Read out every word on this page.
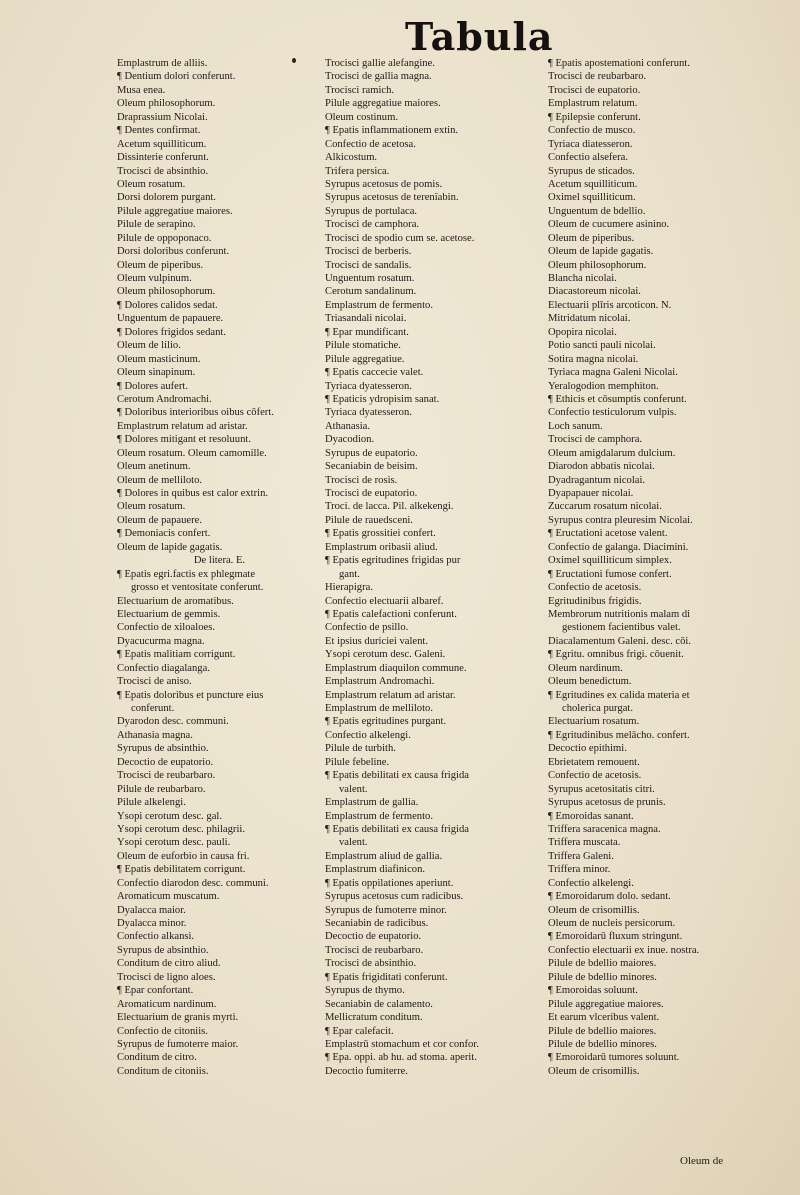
Tabula
Emplastrum de alliis.
¶ Dentium dolori conferunt.
Musa enea.
Oleum philosophorum.
Draprassium Nicolai.
¶ Dentes confirmat.
Acetum squilliticum.
Dissinterie conferunt.
Trocisci de absinthio.
Oleum rosatum.
Dorsi dolorem purgant.
Pilule aggregatiue maiores.
Pilule de serapino.
Pilule de oppoponaco.
Dorsi doloribus conferunt.
Oleum de piperibus.
Oleum vulpinum.
Oleum philosophorum.
¶ Dolores calidos sedat.
Unguentum de papauere.
¶ Dolores frigidos sedant.
Oleum de lilio.
Oleum masticinum.
Oleum sinapinum.
¶ Dolores aufert.
Cerotum Andromachi.
¶ Doloribus interioribus oibus cōfert.
Emplastrum relatum ad aristar.
¶ Dolores mitigant et resoluunt.
Oleum rosatum. Oleum camomille.
Oleum anetinum.
Oleum de melliloto.
¶ Dolores in quibus est calor extrin.
Oleum rosatum.
Oleum de papauere.
¶ Demoniacis confert.
Oleum de lapide gagatis.
De litera. E.
¶ Epatis egri.factis ex phlegmate
grosso et ventositate conferunt.
Electuarium de aromatibus.
Electuarium de gemmis.
Confectio de xiloaloes.
Dyacucurma magna.
¶ Epatis malitiam corrigunt.
Confectio diagalanga.
Trocisci de aniso.
¶ Epatis doloribus et puncture eius
conferunt.
Dyarodon desc. communi.
Athanasia magna.
Syrupus de absinthio.
Decoctio de eupatorio.
Trocisci de reubarbaro.
Pilule de reubarbaro.
Pilule alkelengi.
Ysopi cerotum desc. gal.
Ysopi cerotum desc. philagrii.
Ysopi cerotum desc. pauli.
Oleum de euforbio in causa fri.
¶ Epatis debilitatem corrigunt.
Confectio diarodon desc. communi.
Aromaticum muscatum.
Dyalacca maior.
Dyalacca minor.
Confectio alkansi.
Syrupus de absinthio.
Conditum de citro aliud.
Trocisci de ligno aloes.
¶ Epar confortant.
Aromaticum nardinum.
Electuarium de granis myrti.
Confectio de citoniis.
Syrupus de fumoterre maior.
Conditum de citro.
Conditum de citoniis.
Trocisci gallie alefangine.
Trocisci de gallia magna.
Trocisci ramich.
Pilule aggregatiue maiores.
Oleum costinum.
¶ Epatis inflammationem extin.
Confectio de acetosa.
Alkicostum.
Trifera persica.
Syrupus acetosus de pomis.
Syrupus acetosus de terenïabin.
Syrupus de portulaca.
Trocisci de camphora.
Trocisci de spodio cum se. acetose.
Trocisci de berberis.
Trocisci de sandalis.
Unguentum rosatum.
Cerotum sandalinum.
Emplastrum de fermento.
Triasandali nicolai.
¶ Epar mundificant.
Pilule stomatiche.
Pilule aggregatiue.
¶ Epatis caccecie valet.
Tyriaca dyatesseron.
¶ Epaticis ydropisim sanat.
Tyriaca dyatesseron.
Athanasia.
Dyacodion.
Syrupus de eupatorio.
Secaniabin de beisim.
Trocisci de rosis.
Trocisci de eupatorio.
Troci. de lacca. Pil. alkekengi.
Pilule de rauedsceni.
¶ Epatis grossitiei confert.
Emplastrum oribasii aliud.
¶ Epatis egritudines frigidas pur
gant.
Hierapigra.
Confectio electuarii albaref.
¶ Epatis calefactioni conferunt.
Confectio de psillo.
Et ipsius duriciei valent.
Ysopi cerotum desc. Galeni.
Emplastrum diaquilon commune.
Emplastrum Andromachi.
Emplastrum relatum ad aristar.
Emplastrum de melliloto.
¶ Epatis egritudines purgant.
Confectio alkelengi.
Pilule de turbith.
Pilule febeline.
¶ Epatis debilitati ex causa frigida
valent.
Emplastrum de gallia.
Emplastrum de fermento.
¶ Epatis debilitati ex causa frigida
valent.
Emplastrum aliud de gallia.
Emplastrum diafinicon.
¶ Epatis oppilationes aperiunt.
Syrupus acetosus cum radicibus.
Syrupus de fumoterre minor.
Secaniabin de radicibus.
Decoctio de eupatorio.
Trocisci de reubarbaro.
Trocisci de absinthio.
¶ Epatis frigiditati conferunt.
Syrupus de thymo.
Secaniabin de calamento.
Mellicratum conditum.
¶ Epar calefacit.
Emplastrū stomachum et cor confor.
¶ Epa. oppi. ab hu. ad stoma. aperit.
Decoctio fumiterre.
¶ Epatis apostemationi conferunt.
Trocisci de reubarbaro.
Trocisci de eupatorio.
Emplastrum relatum.
¶ Epilepsie conferunt.
Confectio de musco.
Tyriaca diatesseron.
Confectio alsefera.
Syrupus de sticados.
Acetum squilliticum.
Oximel squilliticum.
Unguentum de bdellio.
Oleum de cucumere asinino.
Oleum de piperibus.
Oleum de lapide gagatis.
Oleum philosophorum.
Blancha nicolai.
Diacastoreum nicolai.
Electuarii plīris arcoticon. N.
Mitridatum nicolai.
Opopira nicolai.
Potio sancti pauli nicolai.
Sotira magna nicolai.
Tyriaca magna Galeni Nicolai.
Yeralogodion memphiton.
¶ Ethicis et cōsumptis conferunt.
Confectio testiculorum vulpis.
Loch sanum.
Trocisci de camphora.
Oleum amigdalarum dulcium.
Diarodon abbatis nicolai.
Dyadragantum nicolai.
Dyapapauer nicolai.
Zuccarum rosatum nicolai.
Syrupus contra pleuresim Nicolai.
¶ Eructationi acetose valent.
Confectio de galanga. Diacimini.
Oximel squilliticum simplex.
¶ Eructationi fumose confert.
Confectio de acetosis.
Egritudinibus frigidis.
Membrorum nutritionis malam di
gestionem facientibus valet.
Diacalamentum Galeni. desc. cōi.
¶ Egritu. omnibus frigi. cōuenit.
Oleum nardinum.
Oleum benedictum.
¶ Egritudines ex calida materia et
cholerica purgat.
Electuarium rosatum.
¶ Egritudinibus melācho. confert.
Decoctio epithimi.
Ebrietatem remouent.
Confectio de acetosis.
Syrupus acetositatis citri.
Syrupus acetosus de prunis.
¶ Emoroidas sanant.
Triffera saracenica magna.
Triffera muscata.
Triffera Galeni.
Triffera minor.
Confectio alkelengi.
¶ Emoroidarum dolo. sedant.
Oleum de crisomillis.
Oleum de nucleis persicorum.
¶ Emoroidarū fluxum stringunt.
Confectio electuarii ex inue. nostra.
Pilule de bdellio maiores.
Pilule de bdellio minores.
¶ Emoroidas soluunt.
Pilule aggregatiue maiores.
Et earum vlceribus valent.
Pilule de bdellio maiores.
Pilule de bdellio minores.
¶ Emoroidarū tumores soluunt.
Oleum de crisomillis.
Oleum de
